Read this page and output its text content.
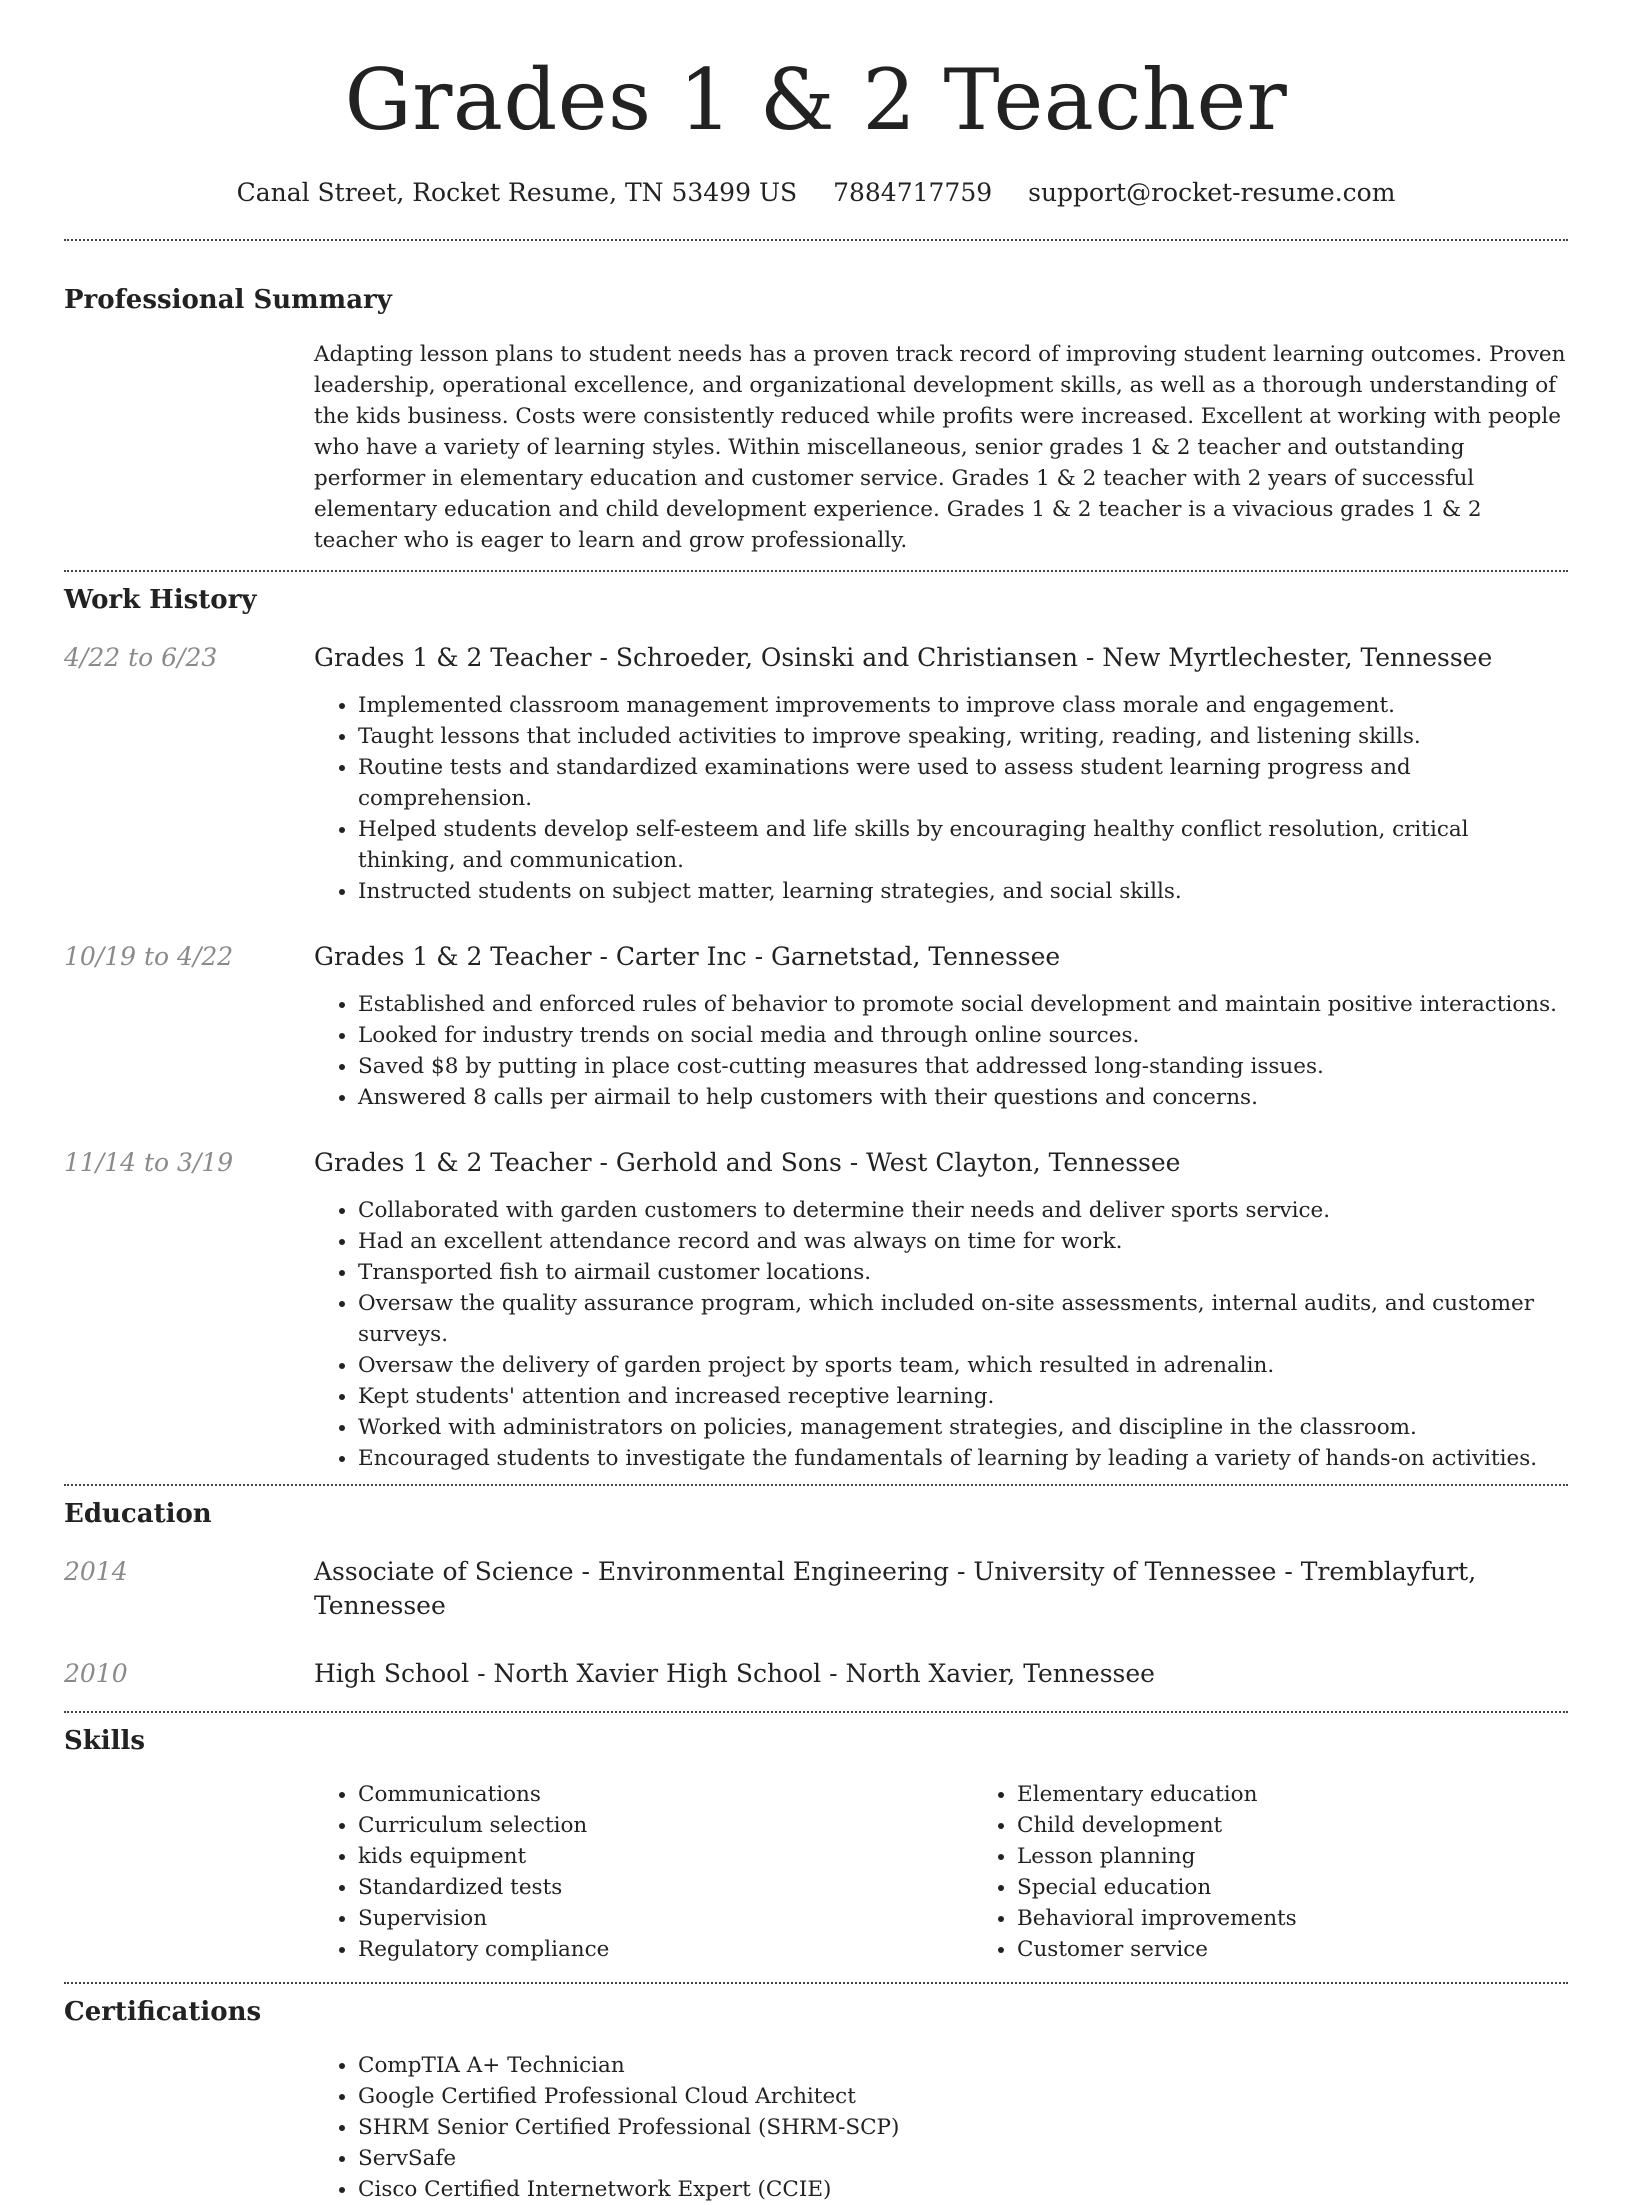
Grades 1 & 2 Teacher
Canal Street, Rocket Resume, TN 53499 US 7884717759 support@rocket-resume.com
Professional Summary
Adapting lesson plans to student needs has a proven track record of improving student learning outcomes. Proven leadership, operational excellence, and organizational development skills, as well as a thorough understanding of the kids business. Costs were consistently reduced while profits were increased. Excellent at working with people who have a variety of learning styles. Within miscellaneous, senior grades 1 & 2 teacher and outstanding performer in elementary education and customer service. Grades 1 & 2 teacher with 2 years of successful elementary education and child development experience. Grades 1 & 2 teacher is a vivacious grades 1 & 2 teacher who is eager to learn and grow professionally.
Work History
4/22 to 6/23	Grades 1 & 2 Teacher - Schroeder, Osinski and Christiansen - New Myrtlechester, Tennessee
• Implemented classroom management improvements to improve class morale and engagement.
• Taught lessons that included activities to improve speaking, writing, reading, and listening skills.
• Routine tests and standardized examinations were used to assess student learning progress and comprehension.
• Helped students develop self-esteem and life skills by encouraging healthy conflict resolution, critical thinking, and communication.
• Instructed students on subject matter, learning strategies, and social skills.
10/19 to 4/22	Grades 1 & 2 Teacher - Carter Inc - Garnetstad, Tennessee
• Established and enforced rules of behavior to promote social development and maintain positive interactions.
• Looked for industry trends on social media and through online sources.
• Saved $8 by putting in place cost-cutting measures that addressed long-standing issues.
• Answered 8 calls per airmail to help customers with their questions and concerns.
11/14 to 3/19	Grades 1 & 2 Teacher - Gerhold and Sons - West Clayton, Tennessee
• Collaborated with garden customers to determine their needs and deliver sports service.
• Had an excellent attendance record and was always on time for work.
• Transported fish to airmail customer locations.
• Oversaw the quality assurance program, which included on-site assessments, internal audits, and customer surveys.
• Oversaw the delivery of garden project by sports team, which resulted in adrenalin.
• Kept students' attention and increased receptive learning.
• Worked with administrators on policies, management strategies, and discipline in the classroom.
• Encouraged students to investigate the fundamentals of learning by leading a variety of hands-on activities.
Education
2014	Associate of Science - Environmental Engineering - University of Tennessee - Tremblayfurt, Tennessee
2010	High School - North Xavier High School - North Xavier, Tennessee
Skills
• Communications
• Curriculum selection
• kids equipment
• Standardized tests
• Supervision
• Regulatory compliance
• Elementary education
• Child development
• Lesson planning
• Special education
• Behavioral improvements
• Customer service
Certifications
• CompTIA A+ Technician
• Google Certified Professional Cloud Architect
• SHRM Senior Certified Professional (SHRM-SCP)
• ServSafe
• Cisco Certified Internetwork Expert (CCIE)
